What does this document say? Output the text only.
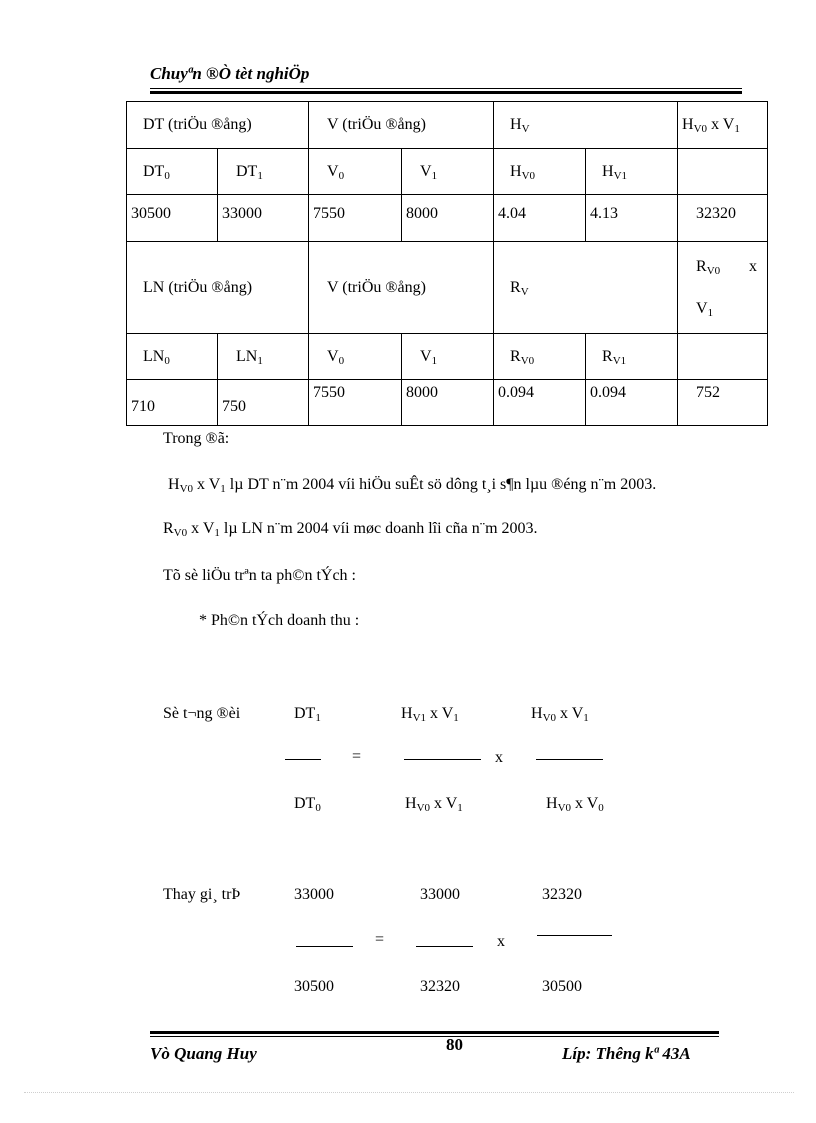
Chuyªn ®Ò tèt nghiÖp
DT (triÖu ®ång)		V (triÖu ®ång)		$H_V$		$H_{V0}$ x $V_1$
$DT_0$	$DT_1$	$V_0$	$V_1$	$H_{V0}$	$H_{V1}$	
30500	33000	7550	8000	4.04	4.13	32320
LN (triÖu ®ång)		V (triÖu ®ång)		$R_V$		$R_{V0}$ x
$V_1$

$LN_0$	$LN_1$	$V_0$	$V_1$	$R_{V0}$	$R_{V1}$	
710	750	7550	8000	0.094	0.094	752
Trong ®ã:
$H_{V0}$ x $V_1$ lµ DT n¨m 2004 víi hiÖu suÊt sö dông t¸i s¶n lµu ®éng n¨m 2003.
$R_{V0}$ x $V_1$ lµ LN n¨m 2004 víi møc doanh lîi cña n¨m 2003.
Tõ sè liÖu trªn ta ph©n tÝch :
* Ph©n tÝch doanh thu :
Sè t¬ng ®èi	$DT_1$	$H_{V1}$ x $V_1$	$H_{V0}$ x $V_1$
=	x
$DT_0$	$H_{V0}$ x $V_1$	$H_{V0}$ x $V_0$
Thay gi¸ trÞ	33000	33000	32320
=	x
30500	32320	30500
Vò Quang Huy	80	Líp: Thêng kª 43A
